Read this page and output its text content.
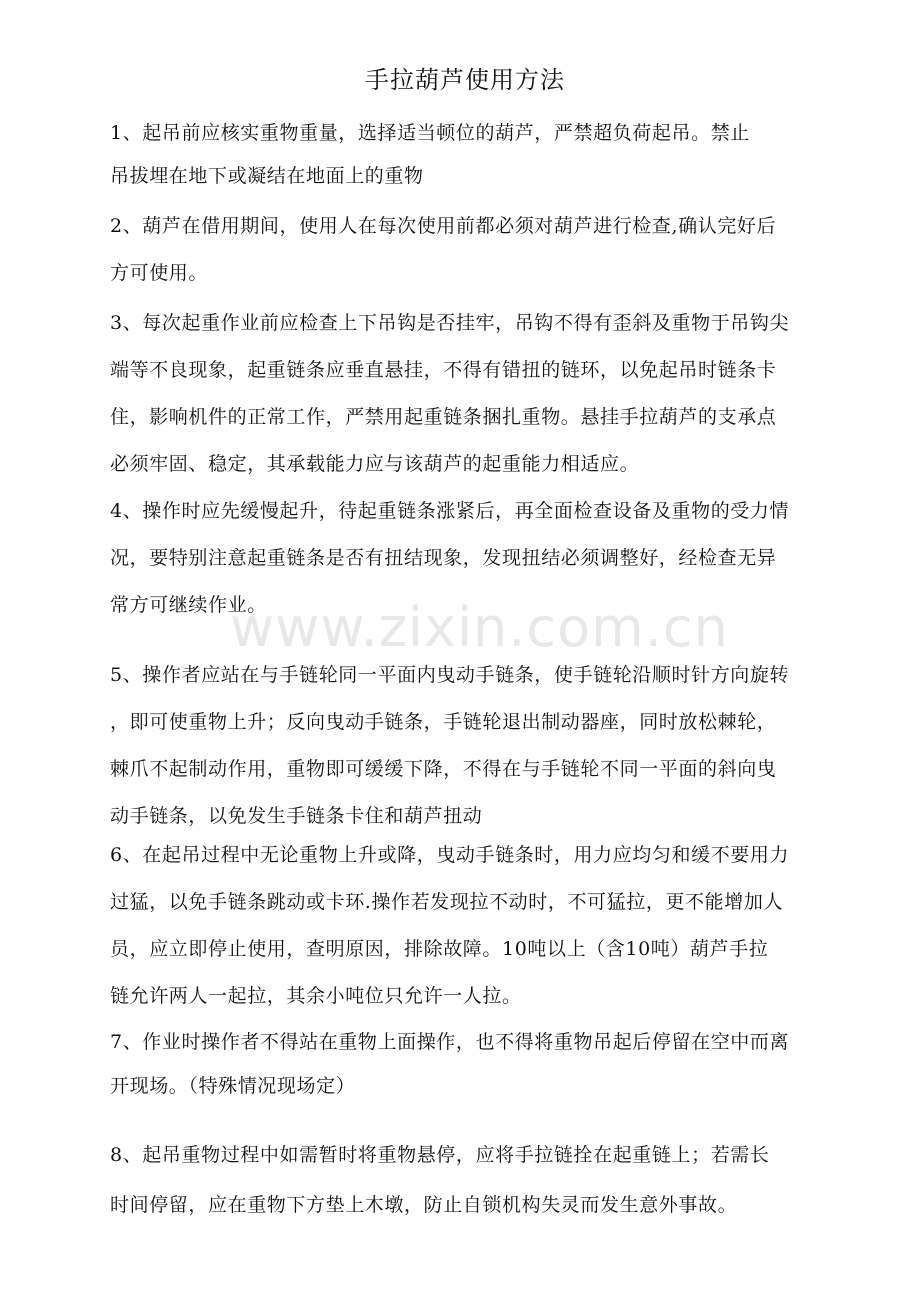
手拉葫芦使用方法
1、起吊前应核实重物重量，选择适当顿位的葫芦，严禁超负荷起吊。禁止
吊拔埋在地下或凝结在地面上的重物
2、葫芦在借用期间，使用人在每次使用前都必须对葫芦进行检查,确认完好后
方可使用。
3、每次起重作业前应检查上下吊钩是否挂牢，吊钩不得有歪斜及重物于吊钩尖
端等不良现象，起重链条应垂直悬挂，不得有错扭的链环，以免起吊时链条卡
住，影响机件的正常工作，严禁用起重链条捆扎重物。悬挂手拉葫芦的支承点
必须牢固、稳定，其承载能力应与该葫芦的起重能力相适应。
4、操作时应先缓慢起升，待起重链条涨紧后，再全面检查设备及重物的受力情
况，要特别注意起重链条是否有扭结现象，发现扭结必须调整好，经检查无异
常方可继续作业。
5、操作者应站在与手链轮同一平面内曳动手链条，使手链轮沿顺时针方向旋转
，即可使重物上升；反向曳动手链条，手链轮退出制动器座，同时放松棘轮，
棘爪不起制动作用，重物即可缓缓下降，不得在与手链轮不同一平面的斜向曳
动手链条，以免发生手链条卡住和葫芦扭动
6、在起吊过程中无论重物上升或降，曳动手链条时，用力应均匀和缓不要用力
过猛，以免手链条跳动或卡环.操作若发现拉不动时，不可猛拉，更不能增加人
员，应立即停止使用，查明原因，排除故障。10吨以上（含10吨）葫芦手拉
链允许两人一起拉，其余小吨位只允许一人拉。
7、作业时操作者不得站在重物上面操作，也不得将重物吊起后停留在空中而离
开现场。（特殊情况现场定）
8、起吊重物过程中如需暂时将重物悬停，应将手拉链拴在起重链上；若需长
时间停留，应在重物下方垫上木墩，防止自锁机构失灵而发生意外事故。
www.zixin.com.cn
